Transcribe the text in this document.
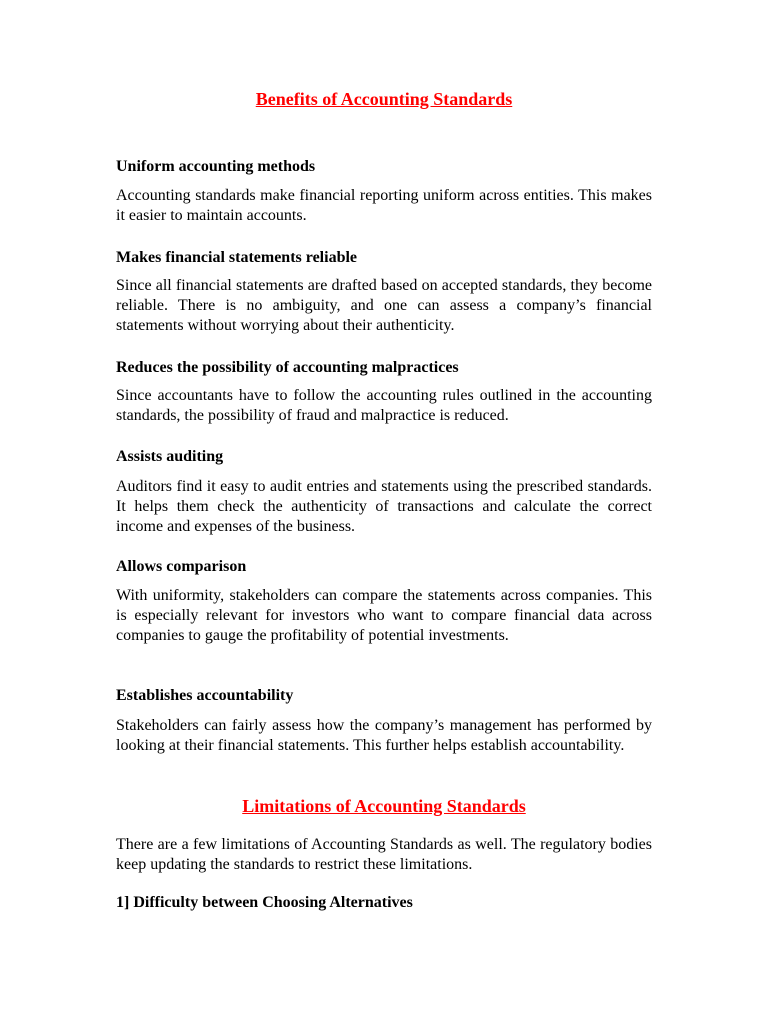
Benefits of Accounting Standards
Uniform accounting methods

Accounting standards make financial reporting uniform across entities. This makes it easier to maintain accounts.

Makes financial statements reliable

Since all financial statements are drafted based on accepted standards, they become reliable. There is no ambiguity, and one can assess a company’s financial statements without worrying about their authenticity.

Reduces the possibility of accounting malpractices

Since accountants have to follow the accounting rules outlined in the accounting standards, the possibility of fraud and malpractice is reduced.

Assists auditing

Auditors find it easy to audit entries and statements using the prescribed standards. It helps them check the authenticity of transactions and calculate the correct income and expenses of the business.

Allows comparison

With uniformity, stakeholders can compare the statements across companies. This is especially relevant for investors who want to compare financial data across companies to gauge the profitability of potential investments.

Establishes accountability

Stakeholders can fairly assess how the company’s management has performed by looking at their financial statements. This further helps establish accountability.

Limitations of Accounting Standards

There are a few limitations of Accounting Standards as well. The regulatory bodies keep updating the standards to restrict these limitations.

1] Difficulty between Choosing Alternatives
